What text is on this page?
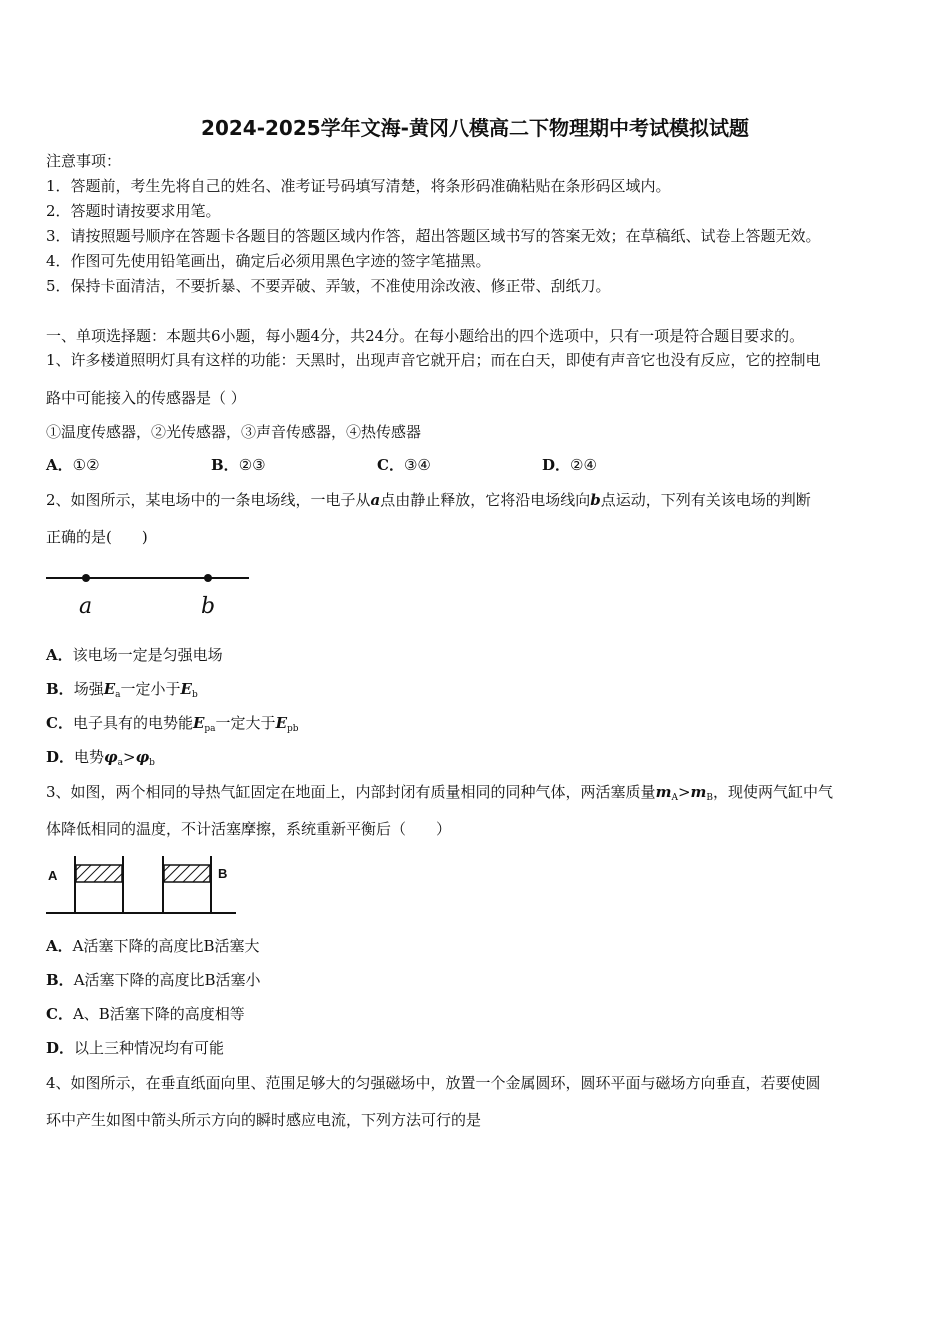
2024-2025学年文海-黄冈八模高二下物理期中考试模拟试题
注意事项：
1．答题前，考生先将自己的姓名、准考证号码填写清楚，将条形码准确粘贴在条形码区域内。
2．答题时请按要求用笔。
3．请按照题号顺序在答题卡各题目的答题区域内作答，超出答题区域书写的答案无效；在草稿纸、试卷上答题无效。
4．作图可先使用铅笔画出，确定后必须用黑色字迹的签字笔描黑。
5．保持卡面清洁，不要折暴、不要弄破、弄皱，不准使用涂改液、修正带、刮纸刀。
一、单项选择题：本题共6小题，每小题4分，共24分。在每小题给出的四个选项中，只有一项是符合题目要求的。
1、许多楼道照明灯具有这样的功能：天黑时，出现声音它就开启；而在白天，即使有声音它也没有反应，它的控制电
路中可能接入的传感器是（ ）
①温度传感器，②光传感器，③声音传感器，④热传感器
A．①②	B．②③	C．③④	D．②④
2、如图所示，某电场中的一条电场线，一电子从a点由静止释放，它将沿电场线向b点运动，下列有关该电场的判断
正确的是(　　)
a	b
A．该电场一定是匀强电场
B．场强$E_a$一定小于$E_b$
C．电子具有的电势能$E_{pa}$一定大于$E_{pb}$
D．电势$\varphi_a>\varphi_b$
3、如图，两个相同的导热气缸固定在地面上，内部封闭有质量相同的同种气体，两活塞质量$m_A>m_B$，现使两气缸中气
体降低相同的温度，不计活塞摩擦，系统重新平衡后（　　）
A	B
A．A活塞下降的高度比B活塞大
B．A活塞下降的高度比B活塞小
C．A、B活塞下降的高度相等
D．以上三种情况均有可能
4、如图所示，在垂直纸面向里、范围足够大的匀强磁场中，放置一个金属圆环，圆环平面与磁场方向垂直，若要使圆
环中产生如图中箭头所示方向的瞬时感应电流，下列方法可行的是
